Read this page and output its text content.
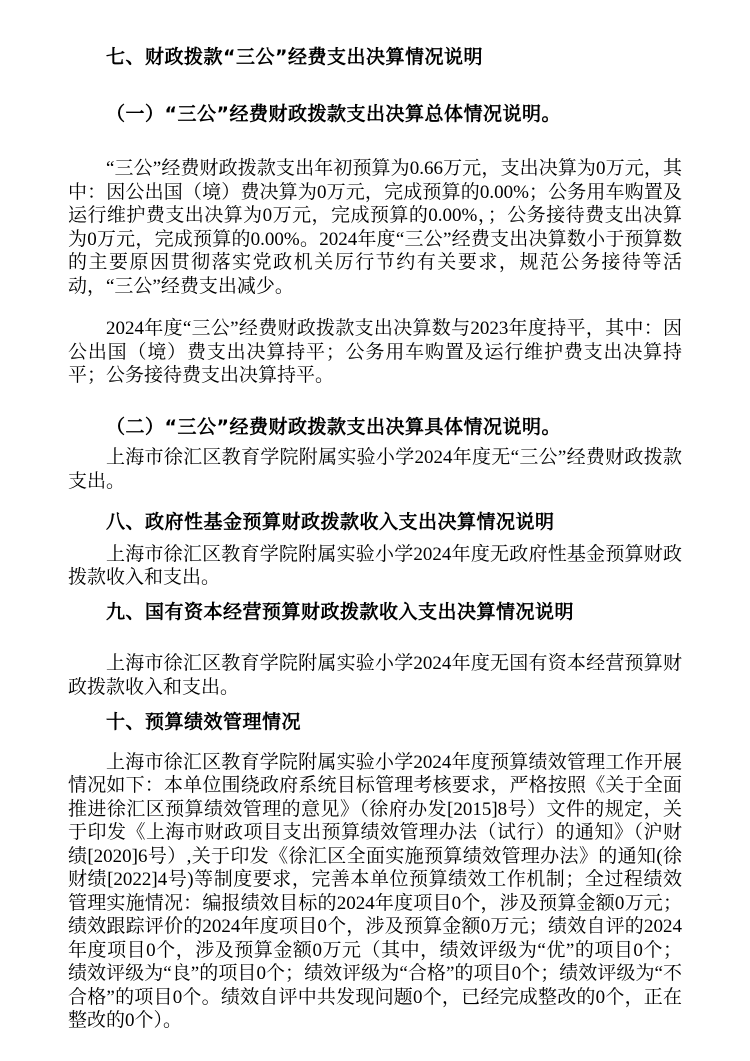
七、财政拨款“三公”经费支出决算情况说明
（一）“三公”经费财政拨款支出决算总体情况说明。

“三公”经费财政拨款支出年初预算为0.66万元，支出决算为0万元，其中：因公出国（境）费决算为0万元，完成预算的0.00%；公务用车购置及运行维护费支出决算为0万元，完成预算的0.00%，；公务接待费支出决算为0万元，完成预算的0.00%。2024年度“三公”经费支出决算数小于预算数的主要原因贯彻落实党政机关厉行节约有关要求，规范公务接待等活动，“三公”经费支出减少。

2024年度“三公”经费财政拨款支出决算数与2023年度持平，其中：因公出国（境）费支出决算持平；公务用车购置及运行维护费支出决算持平；公务接待费支出决算持平。

（二）“三公”经费财政拨款支出决算具体情况说明。

上海市徐汇区教育学院附属实验小学2024年度无“三公”经费财政拨款支出。

八、政府性基金预算财政拨款收入支出决算情况说明

上海市徐汇区教育学院附属实验小学2024年度无政府性基金预算财政拨款收入和支出。

九、国有资本经营预算财政拨款收入支出决算情况说明

上海市徐汇区教育学院附属实验小学2024年度无国有资本经营预算财政拨款收入和支出。

十、预算绩效管理情况

上海市徐汇区教育学院附属实验小学2024年度预算绩效管理工作开展情况如下：本单位围绕政府系统目标管理考核要求，严格按照《关于全面推进徐汇区预算绩效管理的意见》（徐府办发[2015]8号）文件的规定，关于印发《上海市财政项目支出预算绩效管理办法（试行）的通知》（沪财绩[2020]6号）,关于印发《徐汇区全面实施预算绩效管理办法》的通知(徐财绩[2022]4号)等制度要求，完善本单位预算绩效工作机制；全过程绩效管理实施情况：编报绩效目标的2024年度项目0个，涉及预算金额0万元；绩效跟踪评价的2024年度项目0个，涉及预算金额0万元；绩效自评的2024年度项目0个，涉及预算金额0万元（其中，绩效评级为“优”的项目0个；绩效评级为“良”的项目0个；绩效评级为“合格”的项目0个；绩效评级为“不合格”的项目0个。绩效自评中共发现问题0个，已经完成整改的0个，正在整改的0个）。
